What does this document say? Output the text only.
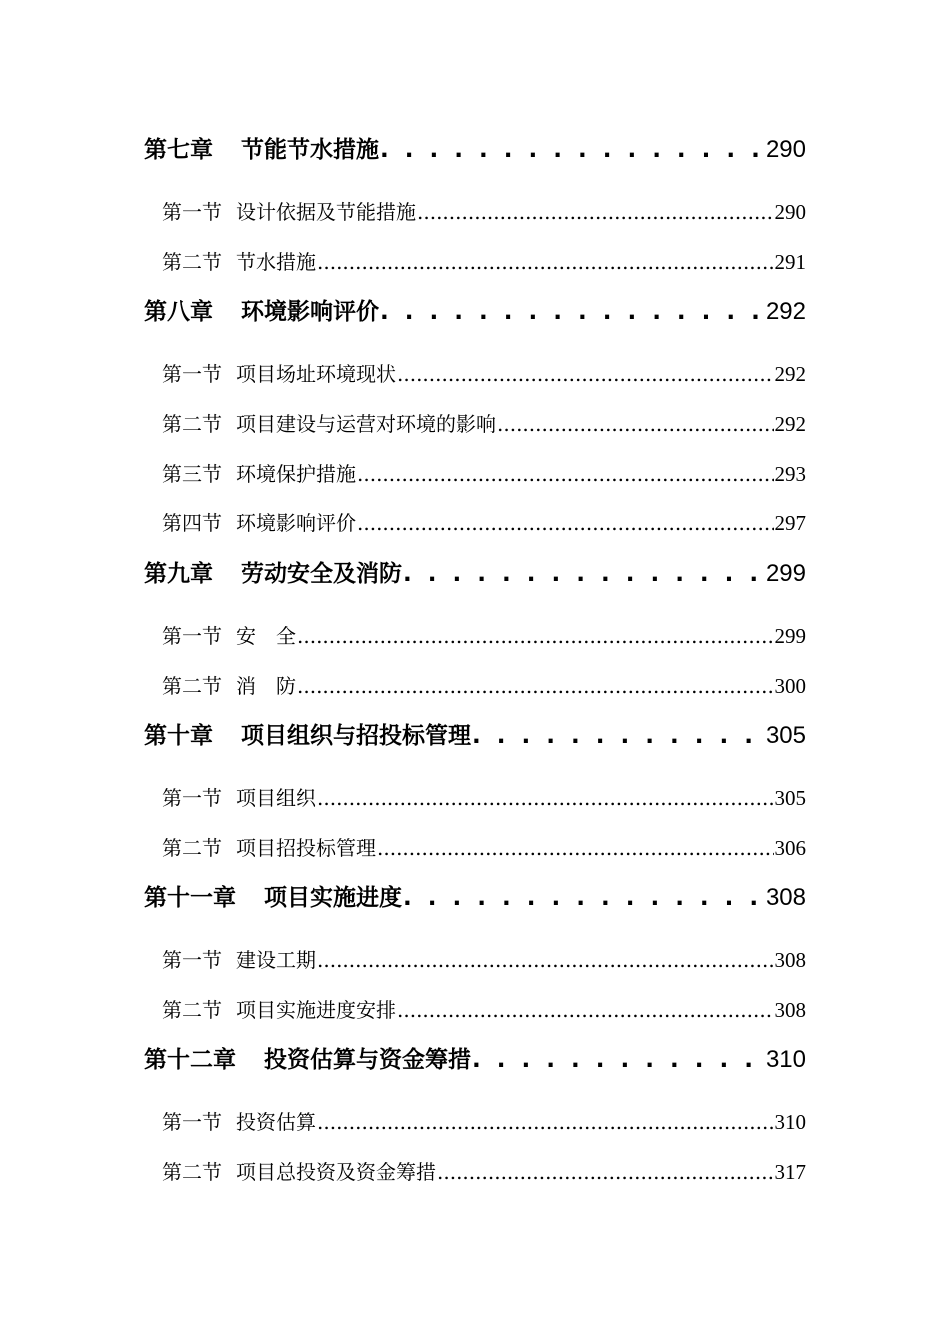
第七章 节能节水措施 . . .	290
第一节 设计依据及节能措施 .....	290
第二节 节水措施 .....	291
第八章 环境影响评价 . . .	292
第一节 项目场址环境现状 .....	292
第二节 项目建设与运营对环境的影响 .....	292
第三节 环境保护措施 .....	293
第四节 环境影响评价 .....	297
第九章 劳动安全及消防 . . .	299
第一节 安　全 .....	299
第二节 消　防 .....	300
第十章 项目组织与招投标管理 . . .	305
第一节 项目组织 .....	305
第二节 项目招投标管理 .....	306
第十一章 项目实施进度 . . .	308
第一节 建设工期 .....	308
第二节 项目实施进度安排 .....	308
第十二章 投资估算与资金筹措 . . .	310
第一节 投资估算 .....	310
第二节 项目总投资及资金筹措 .....	317
